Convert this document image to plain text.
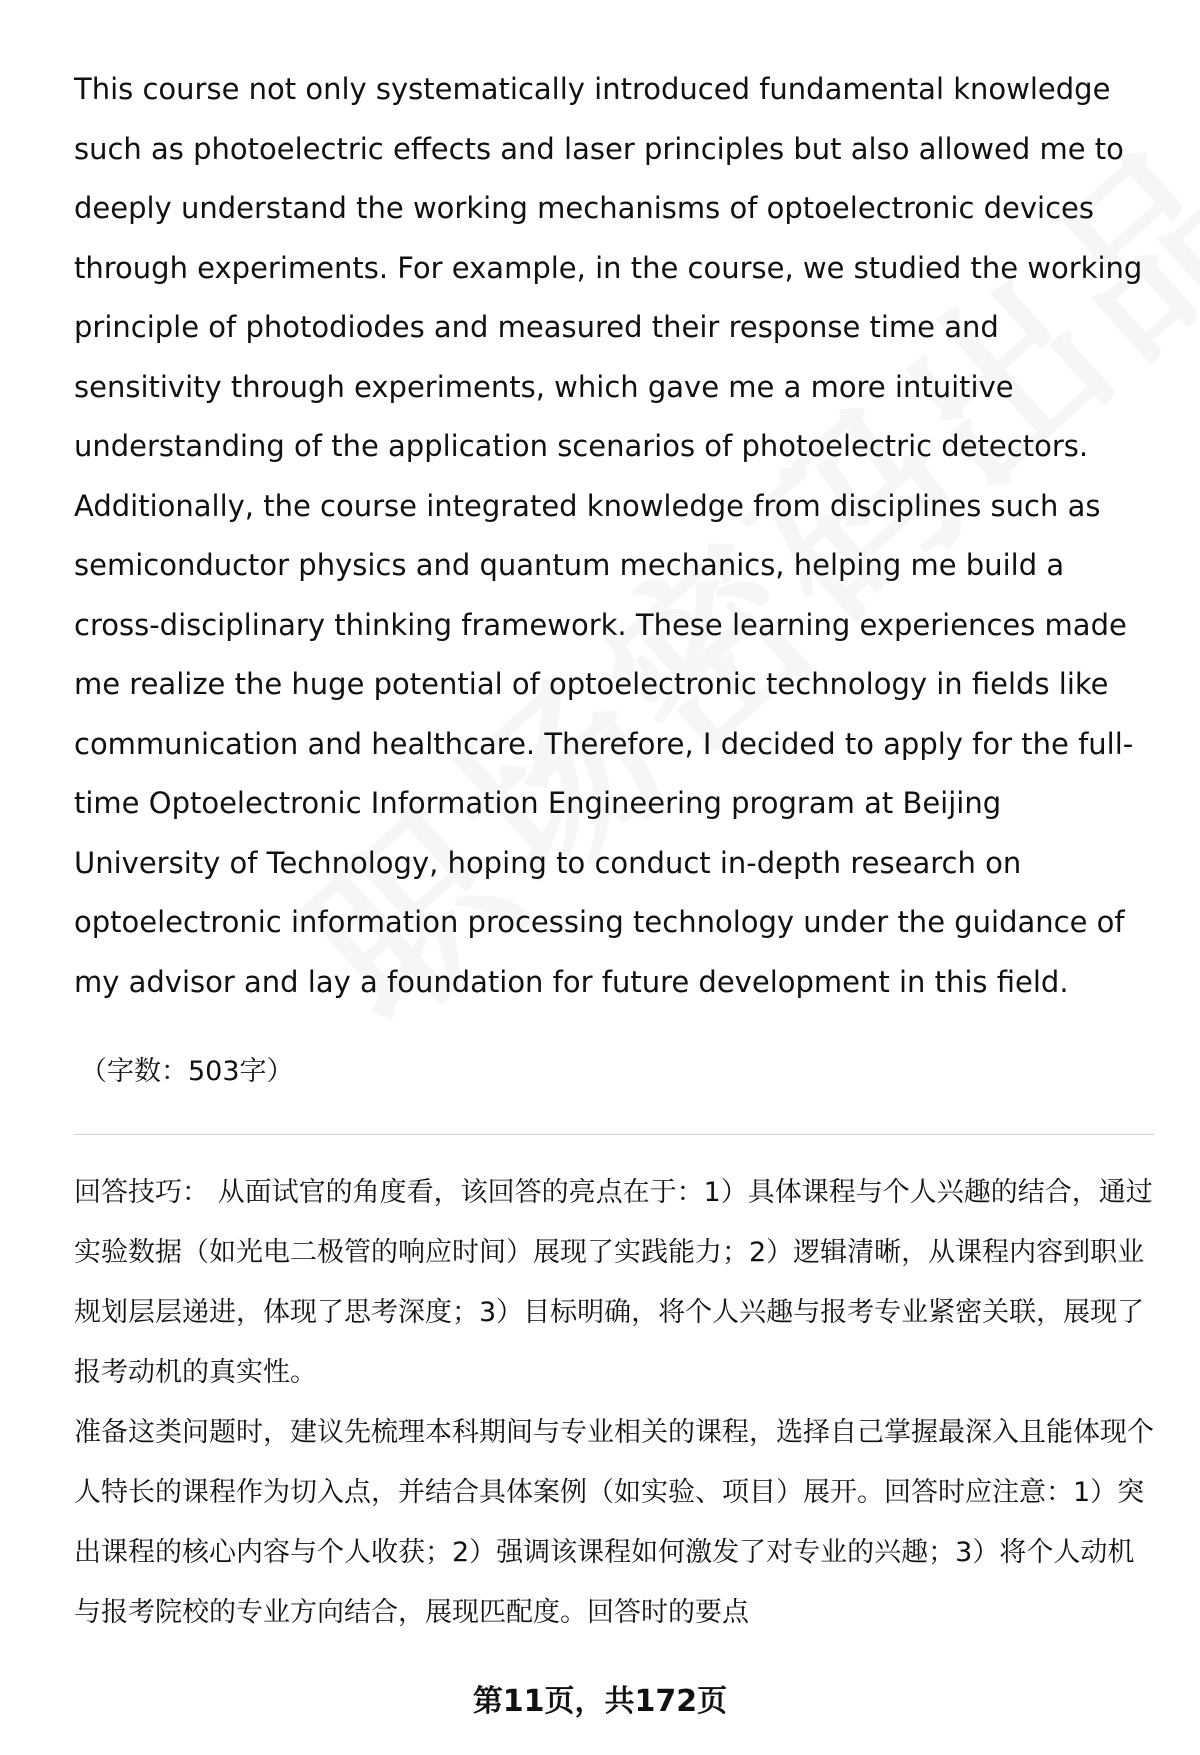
This course not only systematically introduced fundamental knowledge such as photoelectric effects and laser principles but also allowed me to deeply understand the working mechanisms of optoelectronic devices through experiments. For example, in the course, we studied the working principle of photodiodes and measured their response time and sensitivity through experiments, which gave me a more intuitive understanding of the application scenarios of photoelectric detectors. Additionally, the course integrated knowledge from disciplines such as semiconductor physics and quantum mechanics, helping me build a cross-disciplinary thinking framework. These learning experiences made me realize the huge potential of optoelectronic technology in fields like communication and healthcare. Therefore, I decided to apply for the full-time Optoelectronic Information Engineering program at Beijing University of Technology, hoping to conduct in-depth research on optoelectronic information processing technology under the guidance of my advisor and lay a foundation for future development in this field.

（字数：503字）

回答技巧： 从面试官的角度看，该回答的亮点在于：1）具体课程与个人兴趣的结合，通过实验数据（如光电二极管的响应时间）展现了实践能力；2）逻辑清晰，从课程内容到职业规划层层递进，体现了思考深度；3）目标明确，将个人兴趣与报考专业紧密关联，展现了报考动机的真实性。

准备这类问题时，建议先梳理本科期间与专业相关的课程，选择自己掌握最深入且能体现个人特长的课程作为切入点，并结合具体案例（如实验、项目）展开。回答时应注意：1）突出课程的核心内容与个人收获；2）强调该课程如何激发了对专业的兴趣；3）将个人动机与报考院校的专业方向结合，展现匹配度。回答时的要点

第11页，共172页
